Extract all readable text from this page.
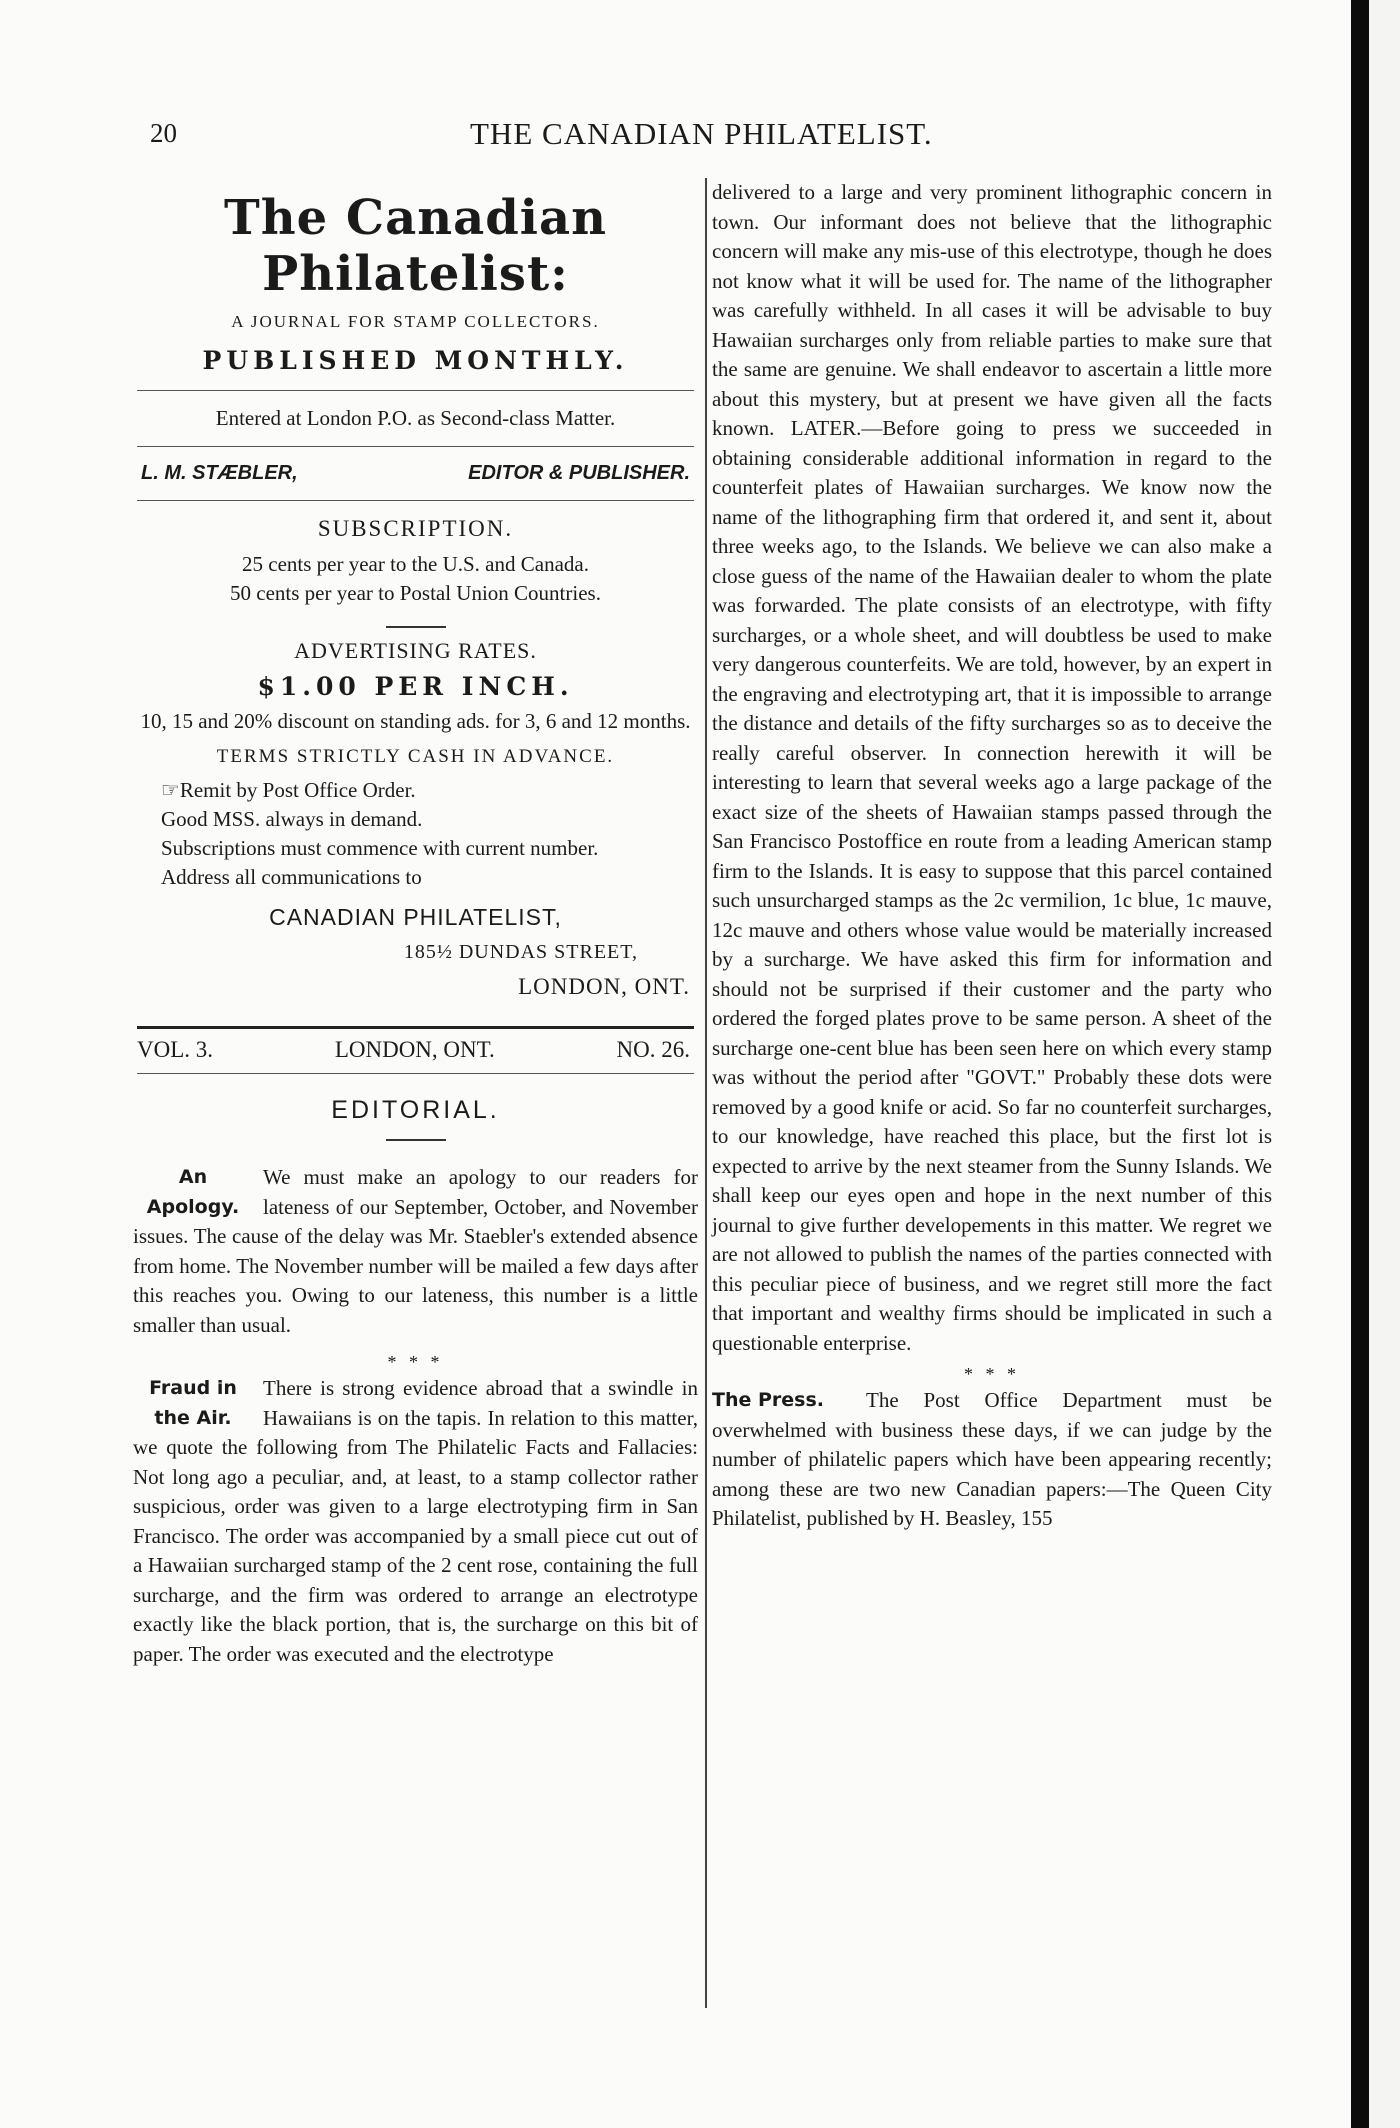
20	THE CANADIAN PHILATELIST.
The Canadian Philatelist:
A JOURNAL FOR STAMP COLLECTORS.
PUBLISHED MONTHLY.
Entered at London P.O. as Second-class Matter.
L. M. STÆBLER,	EDITOR & PUBLISHER.
SUBSCRIPTION.
25 cents per year to the U.S. and Canada.
50 cents per year to Postal Union Countries.
ADVERTISING RATES.
$1.00 PER INCH.
10, 15 and 20% discount on standing ads. for 3, 6 and 12 months.
TERMS STRICTLY CASH IN ADVANCE.
☞Remit by Post Office Order.
Good MSS. always in demand.
Subscriptions must commence with current number.
Address all communications to
CANADIAN PHILATELIST,
185½ DUNDAS STREET,
LONDON, ONT.
VOL. 3.	LONDON, ONT.	NO. 26.
EDITORIAL.
An Apology.
We must make an apology to our readers for lateness of our September, October, and November issues. The cause of the delay was Mr. Staebler's extended absence from home. The November number will be mailed a few days after this reaches you. Owing to our lateness, this number is a little smaller than usual.
* * *
Fraud in the Air.
There is strong evidence abroad that a swindle in Hawaiians is on the tapis. In relation to this matter, we quote the following from The Philatelic Facts and Fallacies: Not long ago a peculiar, and, at least, to a stamp collector rather suspicious, order was given to a large electrotyping firm in San Francisco. The order was accompanied by a small piece cut out of a Hawaiian surcharged stamp of the 2 cent rose, containing the full surcharge, and the firm was ordered to arrange an electrotype exactly like the black portion, that is, the surcharge on this bit of paper. The order was executed and the electrotype
delivered to a large and very prominent lithographic concern in town. Our informant does not believe that the lithographic concern will make any mis-use of this electrotype, though he does not know what it will be used for. The name of the lithographer was carefully withheld. In all cases it will be advisable to buy Hawaiian surcharges only from reliable parties to make sure that the same are genuine. We shall endeavor to ascertain a little more about this mystery, but at present we have given all the facts known. LATER.—Before going to press we succeeded in obtaining considerable additional information in regard to the counterfeit plates of Hawaiian surcharges. We know now the name of the lithographing firm that ordered it, and sent it, about three weeks ago, to the Islands. We believe we can also make a close guess of the name of the Hawaiian dealer to whom the plate was forwarded. The plate consists of an electrotype, with fifty surcharges, or a whole sheet, and will doubtless be used to make very dangerous counterfeits. We are told, however, by an expert in the engraving and electrotyping art, that it is impossible to arrange the distance and details of the fifty surcharges so as to deceive the really careful observer. In connection herewith it will be interesting to learn that several weeks ago a large package of the exact size of the sheets of Hawaiian stamps passed through the San Francisco Postoffice en route from a leading American stamp firm to the Islands. It is easy to suppose that this parcel contained such unsurcharged stamps as the 2c vermilion, 1c blue, 1c mauve, 12c mauve and others whose value would be materially increased by a surcharge. We have asked this firm for information and should not be surprised if their customer and the party who ordered the forged plates prove to be same person. A sheet of the surcharge one-cent blue has been seen here on which every stamp was without the period after "GOVT." Probably these dots were removed by a good knife or acid. So far no counterfeit surcharges, to our knowledge, have reached this place, but the first lot is expected to arrive by the next steamer from the Sunny Islands. We shall keep our eyes open and hope in the next number of this journal to give further developements in this matter. We regret we are not allowed to publish the names of the parties connected with this peculiar piece of business, and we regret still more the fact that important and wealthy firms should be implicated in such a questionable enterprise.
* * *
The Press.	The Post Office Department must be overwhelmed with business these days, if we can judge by the number of philatelic papers which have been appearing recently; among these are two new Canadian papers:—The Queen City Philatelist, published by H. Beasley, 155
